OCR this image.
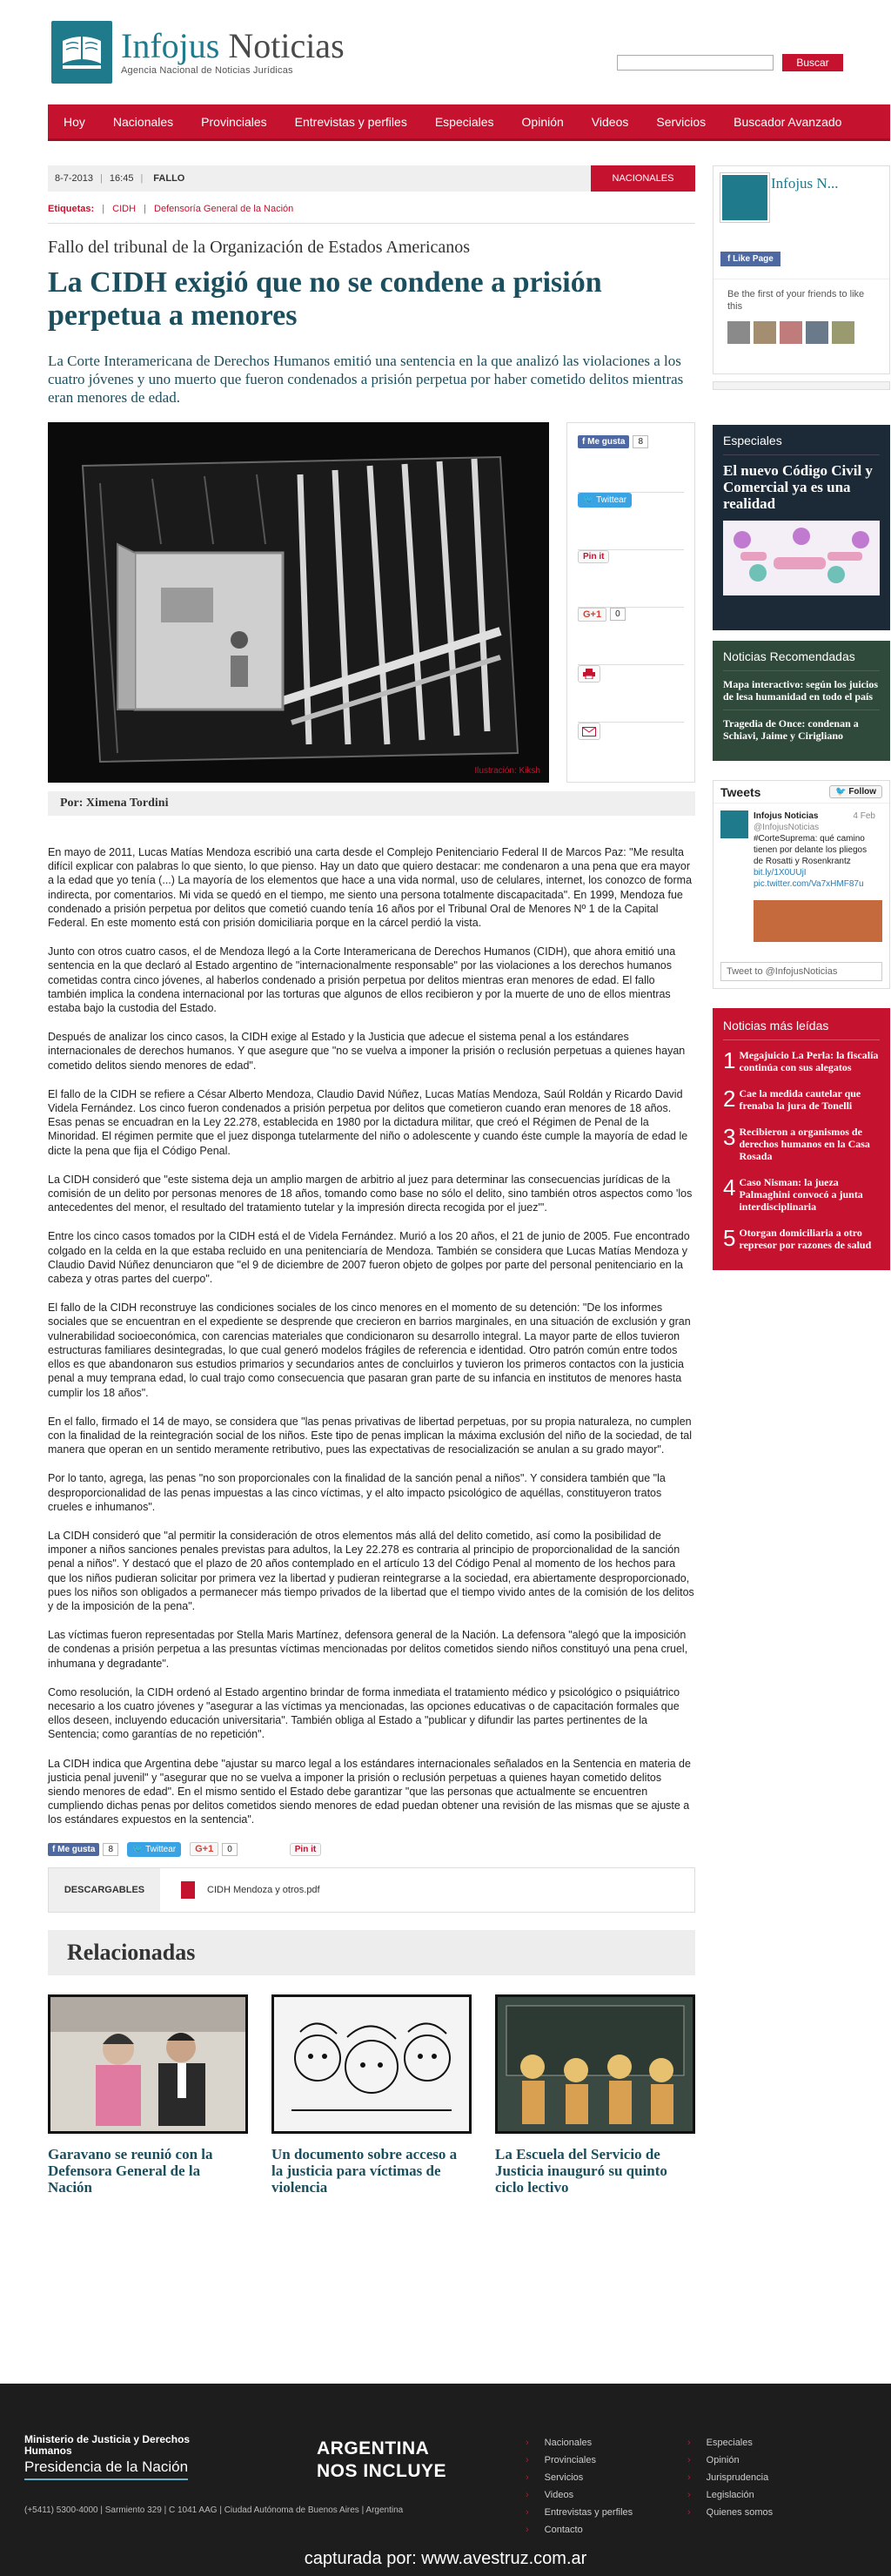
Infojus Noticias
Agencia Nacional de Noticias Jurídicas
Buscar
Hoy	Nacionales	Provinciales	Entrevistas y perfiles	Especiales	Opinión	Videos	Servicios	Buscador Avanzado
8-7-2013 | 16:45 | FALLO	NACIONALES
Etiquetas: | CIDH | Defensoría General de la Nación
Fallo del tribunal de la Organización de Estados Americanos
La CIDH exigió que no se condene a prisión perpetua a menores
La Corte Interamericana de Derechos Humanos emitió una sentencia en la que analizó las violaciones a los cuatro jóvenes y uno muerto que fueron condenados a prisión perpetua por haber cometido delitos mientras eran menores de edad.
Ilustración: Kiksh
f Me gusta	8
🐦 Twittear
Pin it
G+1	0
Por: Ximena Tordini

En mayo de 2011, Lucas Matías Mendoza escribió una carta desde el Complejo Penitenciario Federal II de Marcos Paz: "Me resulta difícil explicar con palabras lo que siento, lo que pienso. Hay un dato que quiero destacar: me condenaron a una pena que era mayor a la edad que yo tenía (...) La mayoría de los elementos que hace a una vida normal, uso de celulares, internet, los conozco de forma indirecta, por comentarios. Mi vida se quedó en el tiempo, me siento una persona totalmente discapacitada". En 1999, Mendoza fue condenado a prisión perpetua por delitos que cometió cuando tenía 16 años por el Tribunal Oral de Menores Nº 1 de la Capital Federal. En este momento está con prisión domiciliaria porque en la cárcel perdió la vista.

Junto con otros cuatro casos, el de Mendoza llegó a la Corte Interamericana de Derechos Humanos (CIDH), que ahora emitió una sentencia en la que declaró al Estado argentino de "internacionalmente responsable" por las violaciones a los derechos humanos cometidas contra cinco jóvenes, al haberlos condenado a prisión perpetua por delitos mientras eran menores de edad. El fallo también implica la condena internacional por las torturas que algunos de ellos recibieron y por la muerte de uno de ellos mientras estaba bajo la custodia del Estado.

Después de analizar los cinco casos, la CIDH exige al Estado y la Justicia que adecue el sistema penal a los estándares internacionales de derechos humanos. Y que asegure que "no se vuelva a imponer la prisión o reclusión perpetuas a quienes hayan cometido delitos siendo menores de edad".

El fallo de la CIDH se refiere a César Alberto Mendoza, Claudio David Núñez, Lucas Matías Mendoza, Saúl Roldán y Ricardo David Videla Fernández. Los cinco fueron condenados a prisión perpetua por delitos que cometieron cuando eran menores de 18 años. Esas penas se encuadran en la Ley 22.278, establecida en 1980 por la dictadura militar, que creó el Régimen de Penal de la Minoridad. El régimen permite que el juez disponga tutelarmente del niño o adolescente y cuando éste cumple la mayoría de edad le dicte la pena que fija el Código Penal.

La CIDH consideró que "este sistema deja un amplio margen de arbitrio al juez para determinar las consecuencias jurídicas de la comisión de un delito por personas menores de 18 años, tomando como base no sólo el delito, sino también otros aspectos como 'los antecedentes del menor, el resultado del tratamiento tutelar y la impresión directa recogida por el juez'".

Entre los cinco casos tomados por la CIDH está el de Videla Fernández. Murió a los 20 años, el 21 de junio de 2005. Fue encontrado colgado en la celda en la que estaba recluido en una penitenciaría de Mendoza. También se considera que Lucas Matías Mendoza y Claudio David Núñez denunciaron que "el 9 de diciembre de 2007 fueron objeto de golpes por parte del personal penitenciario en la cabeza y otras partes del cuerpo".

El fallo de la CIDH reconstruye las condiciones sociales de los cinco menores en el momento de su detención: "De los informes sociales que se encuentran en el expediente se desprende que crecieron en barrios marginales, en una situación de exclusión y gran vulnerabilidad socioeconómica, con carencias materiales que condicionaron su desarrollo integral. La mayor parte de ellos tuvieron estructuras familiares desintegradas, lo que cual generó modelos frágiles de referencia e identidad. Otro patrón común entre todos ellos es que abandonaron sus estudios primarios y secundarios antes de concluirlos y tuvieron los primeros contactos con la justicia penal a muy temprana edad, lo cual trajo como consecuencia que pasaran gran parte de su infancia en institutos de menores hasta cumplir los 18 años".

En el fallo, firmado el 14 de mayo, se considera que "las penas privativas de libertad perpetuas, por su propia naturaleza, no cumplen con la finalidad de la reintegración social de los niños. Este tipo de penas implican la máxima exclusión del niño de la sociedad, de tal manera que operan en un sentido meramente retributivo, pues las expectativas de resocialización se anulan a su grado mayor".

Por lo tanto, agrega, las penas "no son proporcionales con la finalidad de la sanción penal a niños". Y considera también que "la desproporcionalidad de las penas impuestas a las cinco víctimas, y el alto impacto psicológico de aquéllas, constituyeron tratos crueles e inhumanos".

La CIDH consideró que "al permitir la consideración de otros elementos más allá del delito cometido, así como la posibilidad de imponer a niños sanciones penales previstas para adultos, la Ley 22.278 es contraria al principio de proporcionalidad de la sanción penal a niños". Y destacó que el plazo de 20 años contemplado en el artículo 13 del Código Penal al momento de los hechos para que los niños pudieran solicitar por primera vez la libertad y pudieran reintegrarse a la sociedad, era abiertamente desproporcionado, pues los niños son obligados a permanecer más tiempo privados de la libertad que el tiempo vivido antes de la comisión de los delitos y de la imposición de la pena".

Las víctimas fueron representadas por Stella Maris Martínez, defensora general de la Nación. La defensora "alegó que la imposición de condenas a prisión perpetua a las presuntas víctimas mencionadas por delitos cometidos siendo niños constituyó una pena cruel, inhumana y degradante".

Como resolución, la CIDH ordenó al Estado argentino brindar de forma inmediata el tratamiento médico y psicológico o psiquiátrico necesario a los cuatro jóvenes y "asegurar a las víctimas ya mencionadas, las opciones educativas o de capacitación formales que ellos deseen, incluyendo educación universitaria". También obliga al Estado a "publicar y difundir las partes pertinentes de la Sentencia; como garantías de no repetición".

La CIDH indica que Argentina debe "ajustar su marco legal a los estándares internacionales señalados en la Sentencia en materia de justicia penal juvenil" y "asegurar que no se vuelva a imponer la prisión o reclusión perpetuas a quienes hayan cometido delitos siendo menores de edad". En el mismo sentido el Estado debe garantizar "que las personas que actualmente se encuentren cumpliendo dichas penas por delitos cometidos siendo menores de edad puedan obtener una revisión de las mismas que se ajuste a los estándares expuestos en la sentencia".

f Me gusta	8	🐦 Twittear	G+1	0	Pin it
DESCARGABLES	CIDH Mendoza y otros.pdf
Relacionadas
Garavano se reunió con la Defensora General de la Nación
Un documento sobre acceso a la justicia para víctimas de violencia
La Escuela del Servicio de Justicia inauguró su quinto ciclo lectivo
Infojus N...
f Like Page
Be the first of your friends to like this
Especiales
El nuevo Código Civil y Comercial ya es una realidad
Noticias Recomendadas
Mapa interactivo: según los juicios de lesa humanidad en todo el país
Tragedia de Once: condenan a Schiavi, Jaime y Cirigliano
Tweets	🐦 Follow
4 Feb
Infojus Noticias
@InfojusNoticias
#CorteSuprema: qué camino tienen por delante los pliegos de Rosatti y Rosenkrantz
bit.ly/1X0UUjI pic.twitter.com/Va7xHMF87u
Tweet to @InfojusNoticias
Noticias más leídas
1 Megajuicio La Perla: la fiscalía continúa con sus alegatos
2 Cae la medida cautelar que frenaba la jura de Tonelli
3 Recibieron a organismos de derechos humanos en la Casa Rosada
4 Caso Nisman: la jueza Palmaghini convocó a junta interdisciplinaria
5 Otorgan domiciliaria a otro represor por razones de salud
Ministerio de Justicia y Derechos Humanos
Presidencia de la Nación
(+5411) 5300-4000 | Sarmiento 329 | C 1041 AAG | Ciudad Autónoma de Buenos Aires | Argentina
ARGENTINA
NOS INCLUYE
› Nacionales
› Provinciales
› Servicios
› Videos
› Entrevistas y perfiles
› Contacto
› Especiales
› Opinión
› Jurisprudencia
› Legislación
› Quienes somos
capturada por: www.avestruz.com.ar
